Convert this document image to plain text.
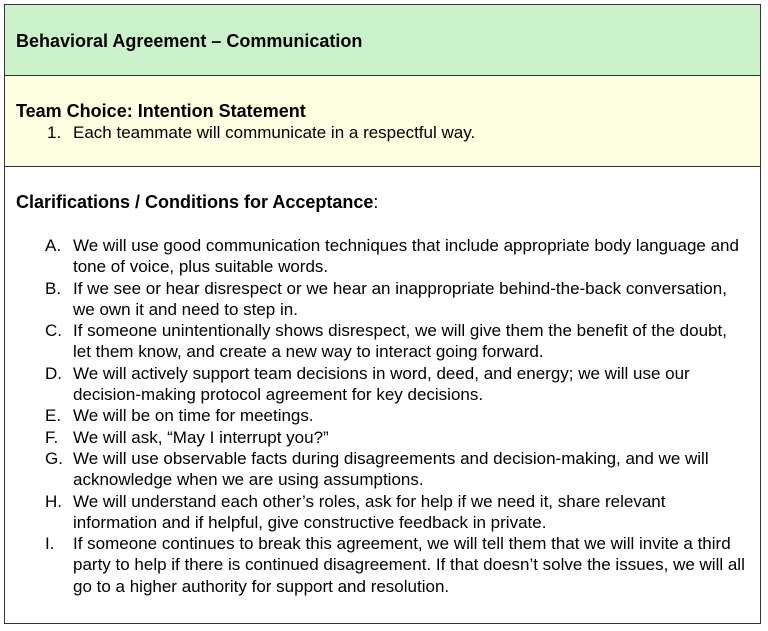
Behavioral Agreement – Communication
Team Choice: Intention Statement
1. Each teammate will communicate in a respectful way.
Clarifications / Conditions for Acceptance:
A. We will use good communication techniques that include appropriate body language and tone of voice, plus suitable words.
B. If we see or hear disrespect or we hear an inappropriate behind-the-back conversation, we own it and need to step in.
C. If someone unintentionally shows disrespect, we will give them the benefit of the doubt, let them know, and create a new way to interact going forward.
D. We will actively support team decisions in word, deed, and energy; we will use our decision-making protocol agreement for key decisions.
E. We will be on time for meetings.
F. We will ask, “May I interrupt you?”
G. We will use observable facts during disagreements and decision-making, and we will acknowledge when we are using assumptions.
H. We will understand each other’s roles, ask for help if we need it, share relevant information and if helpful, give constructive feedback in private.
I.	If someone continues to break this agreement, we will tell them that we will invite a third party to help if there is continued disagreement. If that doesn’t solve the issues, we will all go to a higher authority for support and resolution.
